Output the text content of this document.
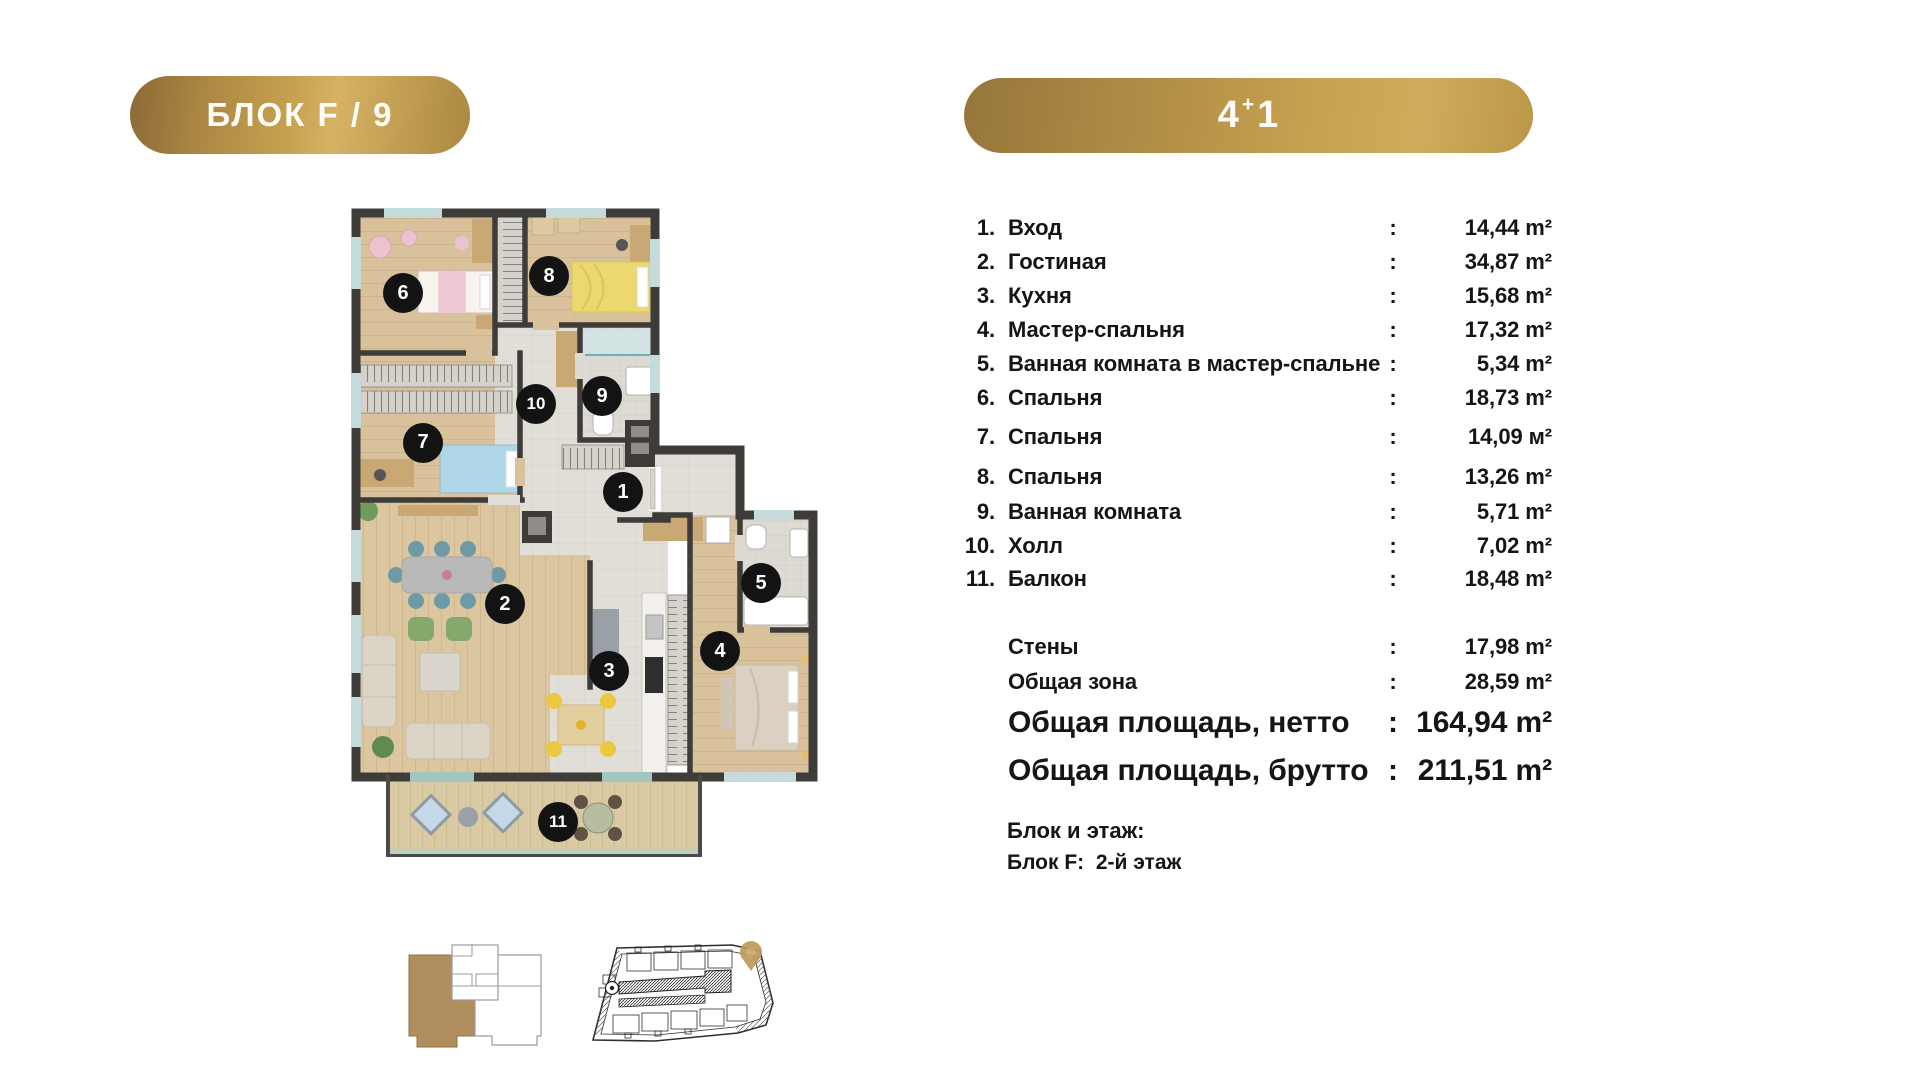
БЛОК F / 9	4 + 1
1
2
3
4
5
6
7
8
9
10
11
1. Вход	:	14,44 m²
2. Гостиная	:	34,87 m²
3. Кухня	:	15,68 m²
4. Мастер-спальня	:	17,32 m²
5. Ванная комната в мастер-спальне :	5,34 m²
6. Спальня	:	18,73 m²
7. Спальня	:	14,09 м²
8. Спальня	:	13,26 m²
9. Ванная комната	:	5,71 m²
10. Холл	:	7,02 m²
11. Балкон	:	18,48 m²
Стены	:	17,98 m²
Общая зона	:	28,59 m²
Общая площадь, нетто	: 164,94 m²
Общая площадь, брутто : 211,51 m²
Блок и этаж:
Блок F:  2-й этаж
